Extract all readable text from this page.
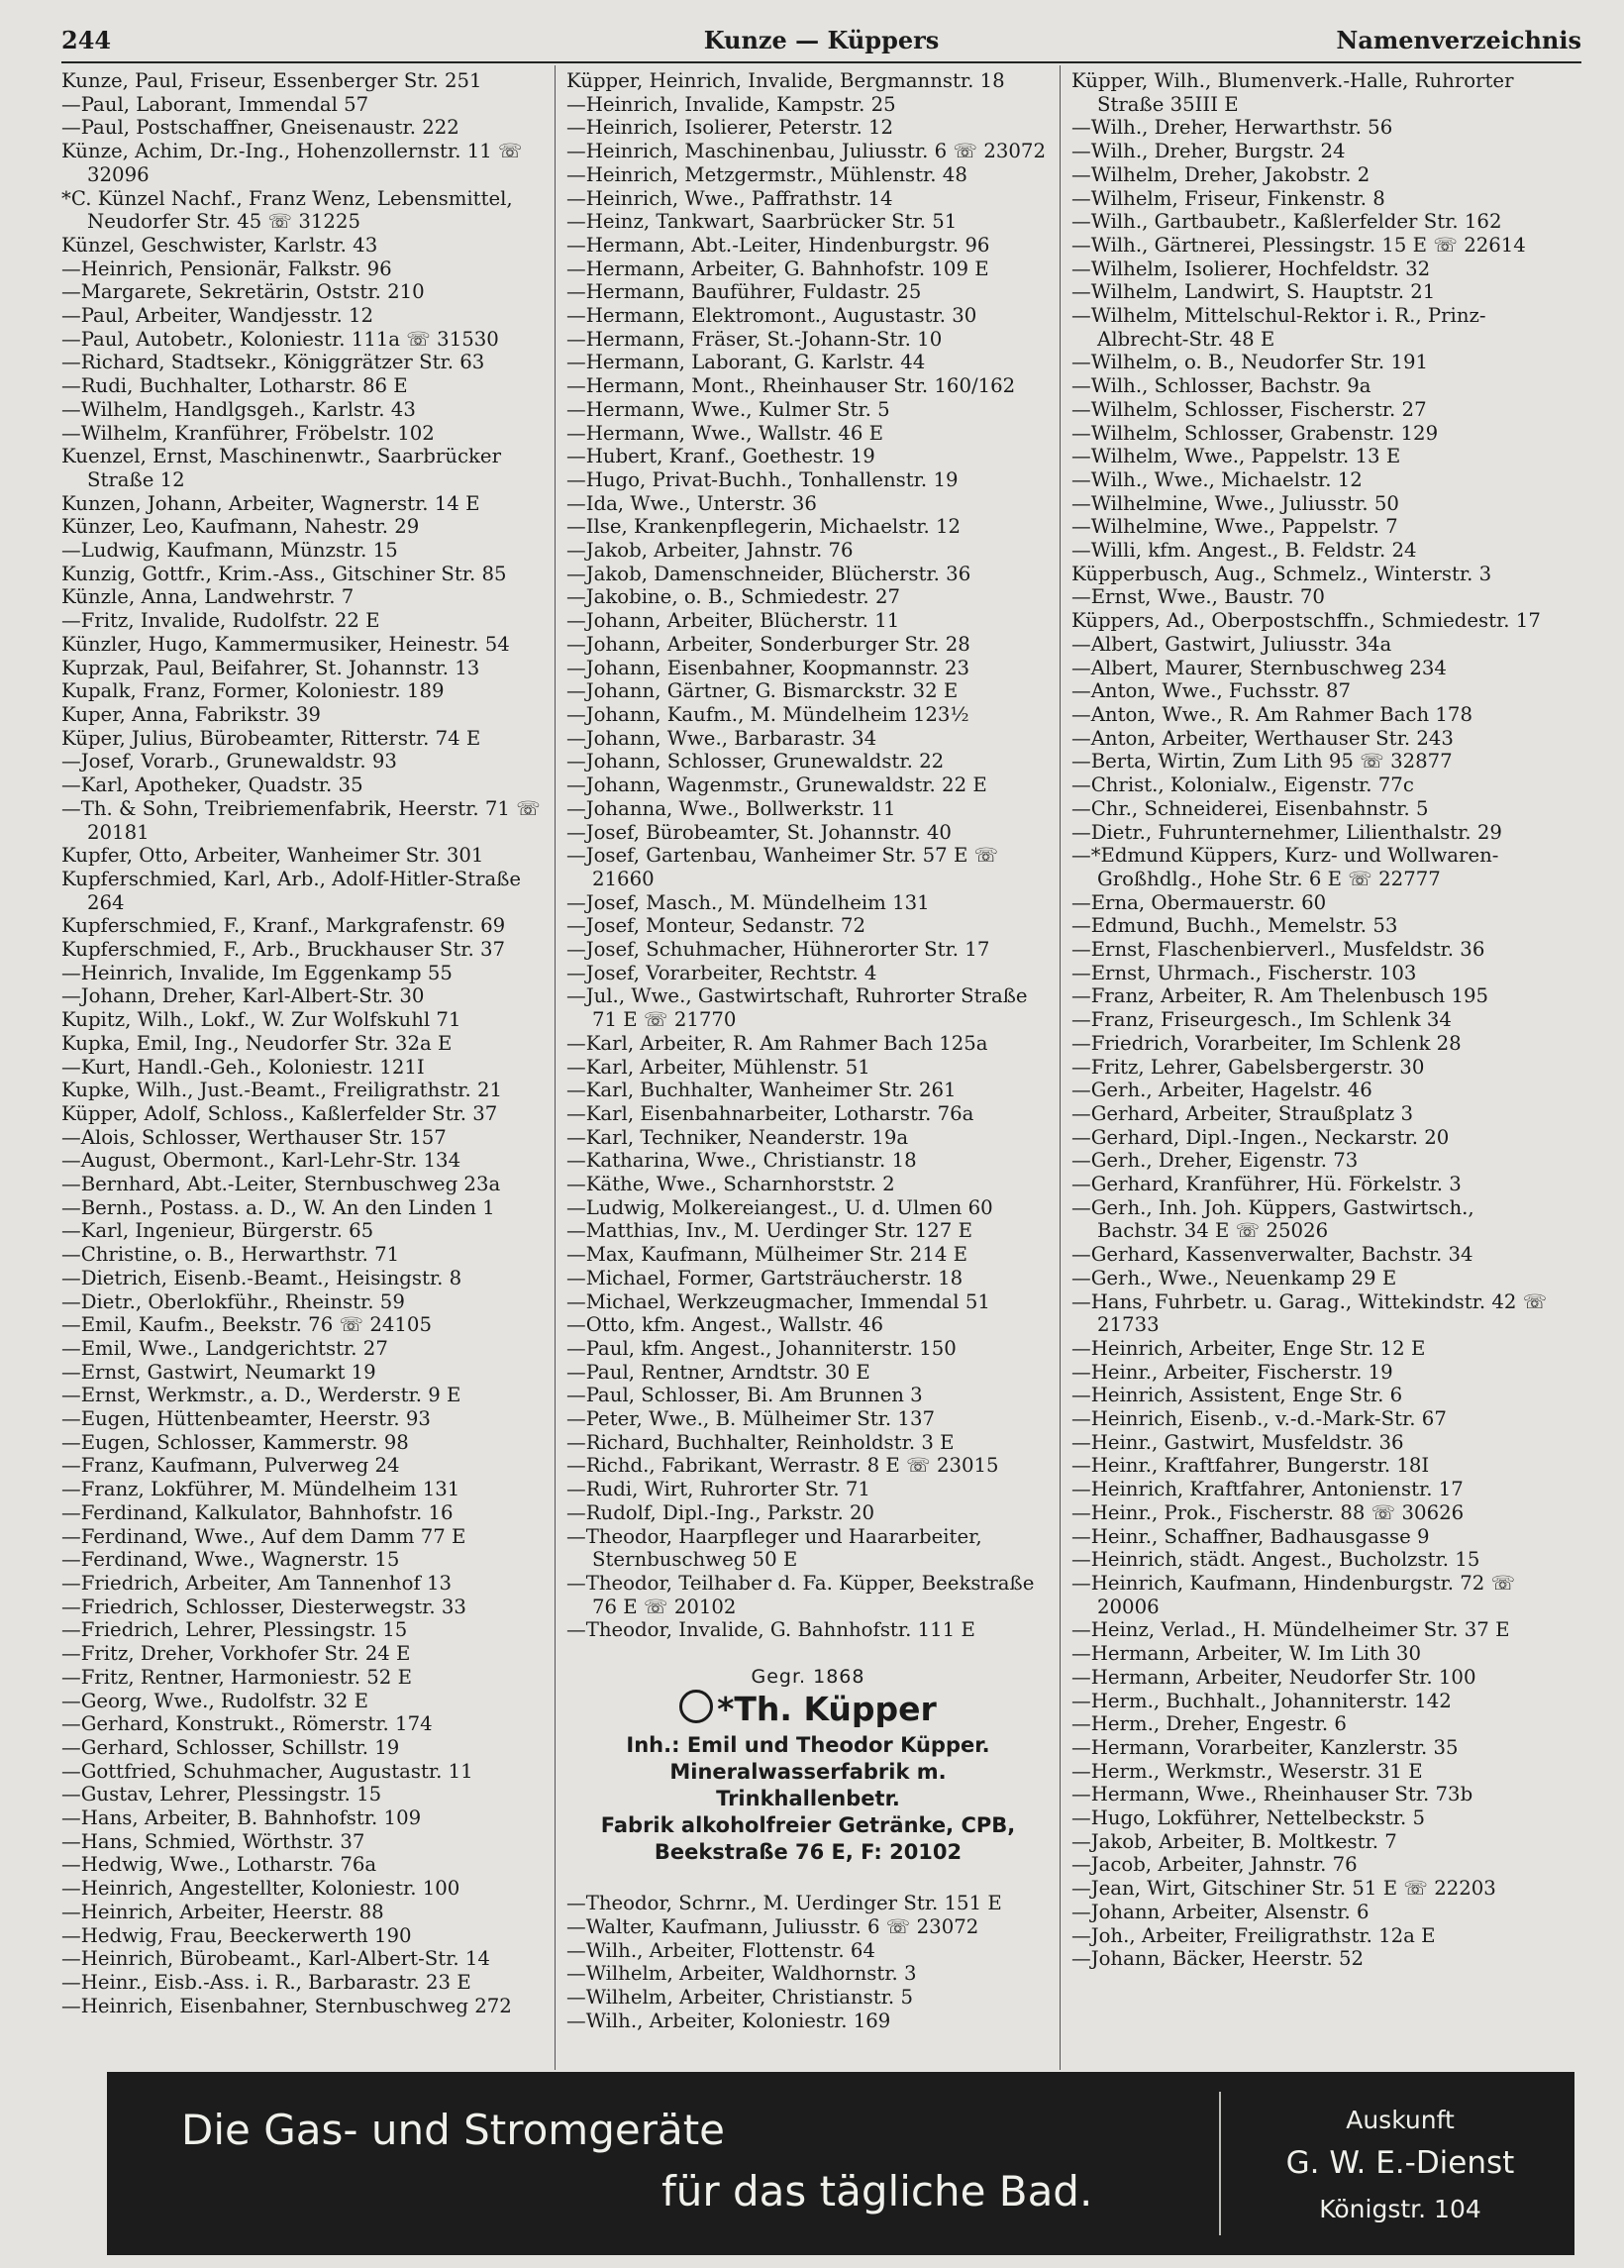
244	Kunze — Küppers	Namenverzeichnis

Kunze, Paul, Friseur, Essenberger Str. 251

—Paul, Laborant, Immendal 57

—Paul, Postschaffner, Gneisenaustr. 222

Künze, Achim, Dr.-Ing., Hohenzollernstr. 11 ☏ 32096

*C. Künzel Nachf., Franz Wenz, Lebensmittel, Neudorfer Str. 45 ☏ 31225

Künzel, Geschwister, Karlstr. 43

—Heinrich, Pensionär, Falkstr. 96

—Margarete, Sekretärin, Oststr. 210

—Paul, Arbeiter, Wandjesstr. 12

—Paul, Autobetr., Koloniestr. 111a ☏ 31530

—Richard, Stadtsekr., Königgrätzer Str. 63

—Rudi, Buchhalter, Lotharstr. 86 E

—Wilhelm, Handlgsgeh., Karlstr. 43

—Wilhelm, Kranführer, Fröbelstr. 102

Kuenzel, Ernst, Maschinenwtr., Saarbrücker Straße 12

Kunzen, Johann, Arbeiter, Wagnerstr. 14 E

Künzer, Leo, Kaufmann, Nahestr. 29

—Ludwig, Kaufmann, Münzstr. 15

Kunzig, Gottfr., Krim.-Ass., Gitschiner Str. 85

Künzle, Anna, Landwehrstr. 7

—Fritz, Invalide, Rudolfstr. 22 E

Künzler, Hugo, Kammermusiker, Heinestr. 54

Kuprzak, Paul, Beifahrer, St. Johannstr. 13

Kupalk, Franz, Former, Koloniestr. 189

Kuper, Anna, Fabrikstr. 39

Küper, Julius, Bürobeamter, Ritterstr. 74 E

—Josef, Vorarb., Grunewaldstr. 93

—Karl, Apotheker, Quadstr. 35

—Th. & Sohn, Treibriemenfabrik, Heerstr. 71 ☏ 20181

Kupfer, Otto, Arbeiter, Wanheimer Str. 301

Kupferschmied, Karl, Arb., Adolf-Hitler-Straße 264

Kupferschmied, F., Kranf., Markgrafenstr. 69

Kupferschmied, F., Arb., Bruckhauser Str. 37

—Heinrich, Invalide, Im Eggenkamp 55

—Johann, Dreher, Karl-Albert-Str. 30

Kupitz, Wilh., Lokf., W. Zur Wolfskuhl 71

Kupka, Emil, Ing., Neudorfer Str. 32a E

—Kurt, Handl.-Geh., Koloniestr. 121I

Kupke, Wilh., Just.-Beamt., Freiligrathstr. 21

Küpper, Adolf, Schloss., Kaßlerfelder Str. 37

—Alois, Schlosser, Werthauser Str. 157

—August, Obermont., Karl-Lehr-Str. 134

—Bernhard, Abt.-Leiter, Sternbuschweg 23a

—Bernh., Postass. a. D., W. An den Linden 1

—Karl, Ingenieur, Bürgerstr. 65

—Christine, o. B., Herwarthstr. 71

—Dietrich, Eisenb.-Beamt., Heisingstr. 8

—Dietr., Oberlokführ., Rheinstr. 59

—Emil, Kaufm., Beekstr. 76 ☏ 24105

—Emil, Wwe., Landgerichtstr. 27

—Ernst, Gastwirt, Neumarkt 19

—Ernst, Werkmstr., a. D., Werderstr. 9 E

—Eugen, Hüttenbeamter, Heerstr. 93

—Eugen, Schlosser, Kammerstr. 98

—Franz, Kaufmann, Pulverweg 24

—Franz, Lokführer, M. Mündelheim 131

—Ferdinand, Kalkulator, Bahnhofstr. 16

—Ferdinand, Wwe., Auf dem Damm 77 E

—Ferdinand, Wwe., Wagnerstr. 15

—Friedrich, Arbeiter, Am Tannenhof 13

—Friedrich, Schlosser, Diesterwegstr. 33

—Friedrich, Lehrer, Plessingstr. 15

—Fritz, Dreher, Vorkhofer Str. 24 E

—Fritz, Rentner, Harmoniestr. 52 E

—Georg, Wwe., Rudolfstr. 32 E

—Gerhard, Konstrukt., Römerstr. 174

—Gerhard, Schlosser, Schillstr. 19

—Gottfried, Schuhmacher, Augustastr. 11

—Gustav, Lehrer, Plessingstr. 15

—Hans, Arbeiter, B. Bahnhofstr. 109

—Hans, Schmied, Wörthstr. 37

—Hedwig, Wwe., Lotharstr. 76a

—Heinrich, Angestellter, Koloniestr. 100

—Heinrich, Arbeiter, Heerstr. 88

—Hedwig, Frau, Beeckerwerth 190

—Heinrich, Bürobeamt., Karl-Albert-Str. 14

—Heinr., Eisb.-Ass. i. R., Barbarastr. 23 E

—Heinrich, Eisenbahner, Sternbuschweg 272

Küpper, Heinrich, Invalide, Bergmannstr. 18

—Heinrich, Invalide, Kampstr. 25

—Heinrich, Isolierer, Peterstr. 12

—Heinrich, Maschinenbau, Juliusstr. 6 ☏ 23072

—Heinrich, Metzgermstr., Mühlenstr. 48

—Heinrich, Wwe., Paffrathstr. 14

—Heinz, Tankwart, Saarbrücker Str. 51

—Hermann, Abt.-Leiter, Hindenburgstr. 96

—Hermann, Arbeiter, G. Bahnhofstr. 109 E

—Hermann, Bauführer, Fuldastr. 25

—Hermann, Elektromont., Augustastr. 30

—Hermann, Fräser, St.-Johann-Str. 10

—Hermann, Laborant, G. Karlstr. 44

—Hermann, Mont., Rheinhauser Str. 160/162

—Hermann, Wwe., Kulmer Str. 5

—Hermann, Wwe., Wallstr. 46 E

—Hubert, Kranf., Goethestr. 19

—Hugo, Privat-Buchh., Tonhallenstr. 19

—Ida, Wwe., Unterstr. 36

—Ilse, Krankenpflegerin, Michaelstr. 12

—Jakob, Arbeiter, Jahnstr. 76

—Jakob, Damenschneider, Blücherstr. 36

—Jakobine, o. B., Schmiedestr. 27

—Johann, Arbeiter, Blücherstr. 11

—Johann, Arbeiter, Sonderburger Str. 28

—Johann, Eisenbahner, Koopmannstr. 23

—Johann, Gärtner, G. Bismarckstr. 32 E

—Johann, Kaufm., M. Mündelheim 123½

—Johann, Wwe., Barbarastr. 34

—Johann, Schlosser, Grunewaldstr. 22

—Johann, Wagenmstr., Grunewaldstr. 22 E

—Johanna, Wwe., Bollwerkstr. 11

—Josef, Bürobeamter, St. Johannstr. 40

—Josef, Gartenbau, Wanheimer Str. 57 E ☏ 21660

—Josef, Masch., M. Mündelheim 131

—Josef, Monteur, Sedanstr. 72

—Josef, Schuhmacher, Hühnerorter Str. 17

—Josef, Vorarbeiter, Rechtstr. 4

—Jul., Wwe., Gastwirtschaft, Ruhrorter Straße 71 E ☏ 21770

—Karl, Arbeiter, R. Am Rahmer Bach 125a

—Karl, Arbeiter, Mühlenstr. 51

—Karl, Buchhalter, Wanheimer Str. 261

—Karl, Eisenbahnarbeiter, Lotharstr. 76a

—Karl, Techniker, Neanderstr. 19a

—Katharina, Wwe., Christianstr. 18

—Käthe, Wwe., Scharnhorststr. 2

—Ludwig, Molkereiangest., U. d. Ulmen 60

—Matthias, Inv., M. Uerdinger Str. 127 E

—Max, Kaufmann, Mülheimer Str. 214 E

—Michael, Former, Gartsträucherstr. 18

—Michael, Werkzeugmacher, Immendal 51

—Otto, kfm. Angest., Wallstr. 46

—Paul, kfm. Angest., Johanniterstr. 150

—Paul, Rentner, Arndtstr. 30 E

—Paul, Schlosser, Bi. Am Brunnen 3

—Peter, Wwe., B. Mülheimer Str. 137

—Richard, Buchhalter, Reinholdstr. 3 E

—Richd., Fabrikant, Werrastr. 8 E ☏ 23015

—Rudi, Wirt, Ruhrorter Str. 71

—Rudolf, Dipl.-Ing., Parkstr. 20

—Theodor, Haarpfleger und Haararbeiter, Sternbuschweg 50 E

—Theodor, Teilhaber d. Fa. Küpper, Beekstraße 76 E ☏ 20102

—Theodor, Invalide, G. Bahnhofstr. 111 E

Gegr. 1868
*Th. Küpper
Inh.: Emil und Theodor Küpper.
Mineralwasserfabrik m. Trinkhallenbetr.
Fabrik alkoholfreier Getränke, CPB,
Beekstraße 76 E, F: 20102

—Theodor, Schrnr., M. Uerdinger Str. 151 E

—Walter, Kaufmann, Juliusstr. 6 ☏ 23072

—Wilh., Arbeiter, Flottenstr. 64

—Wilhelm, Arbeiter, Waldhornstr. 3

—Wilhelm, Arbeiter, Christianstr. 5

—Wilh., Arbeiter, Koloniestr. 169

Küpper, Wilh., Blumenverk.-Halle, Ruhrorter Straße 35III E

—Wilh., Dreher, Herwarthstr. 56

—Wilh., Dreher, Burgstr. 24

—Wilhelm, Dreher, Jakobstr. 2

—Wilhelm, Friseur, Finkenstr. 8

—Wilh., Gartbaubetr., Kaßlerfelder Str. 162

—Wilh., Gärtnerei, Plessingstr. 15 E ☏ 22614

—Wilhelm, Isolierer, Hochfeldstr. 32

—Wilhelm, Landwirt, S. Hauptstr. 21

—Wilhelm, Mittelschul-Rektor i. R., Prinz-Albrecht-Str. 48 E

—Wilhelm, o. B., Neudorfer Str. 191

—Wilh., Schlosser, Bachstr. 9a

—Wilhelm, Schlosser, Fischerstr. 27

—Wilhelm, Schlosser, Grabenstr. 129

—Wilhelm, Wwe., Pappelstr. 13 E

—Wilh., Wwe., Michaelstr. 12

—Wilhelmine, Wwe., Juliusstr. 50

—Wilhelmine, Wwe., Pappelstr. 7

—Willi, kfm. Angest., B. Feldstr. 24

Küpperbusch, Aug., Schmelz., Winterstr. 3

—Ernst, Wwe., Baustr. 70

Küppers, Ad., Oberpostschffn., Schmiedestr. 17

—Albert, Gastwirt, Juliusstr. 34a

—Albert, Maurer, Sternbuschweg 234

—Anton, Wwe., Fuchsstr. 87

—Anton, Wwe., R. Am Rahmer Bach 178

—Anton, Arbeiter, Werthauser Str. 243

—Berta, Wirtin, Zum Lith 95 ☏ 32877

—Christ., Kolonialw., Eigenstr. 77c

—Chr., Schneiderei, Eisenbahnstr. 5

—Dietr., Fuhrunternehmer, Lilienthalstr. 29

—*Edmund Küppers, Kurz- und Wollwaren-Großhdlg., Hohe Str. 6 E ☏ 22777

—Erna, Obermauerstr. 60

—Edmund, Buchh., Memelstr. 53

—Ernst, Flaschenbierverl., Musfeldstr. 36

—Ernst, Uhrmach., Fischerstr. 103

—Franz, Arbeiter, R. Am Thelenbusch 195

—Franz, Friseurgesch., Im Schlenk 34

—Friedrich, Vorarbeiter, Im Schlenk 28

—Fritz, Lehrer, Gabelsbergerstr. 30

—Gerh., Arbeiter, Hagelstr. 46

—Gerhard, Arbeiter, Straußplatz 3

—Gerhard, Dipl.-Ingen., Neckarstr. 20

—Gerh., Dreher, Eigenstr. 73

—Gerhard, Kranführer, Hü. Förkelstr. 3

—Gerh., Inh. Joh. Küppers, Gastwirtsch., Bachstr. 34 E ☏ 25026

—Gerhard, Kassenverwalter, Bachstr. 34

—Gerh., Wwe., Neuenkamp 29 E

—Hans, Fuhrbetr. u. Garag., Wittekindstr. 42 ☏ 21733

—Heinrich, Arbeiter, Enge Str. 12 E

—Heinr., Arbeiter, Fischerstr. 19

—Heinrich, Assistent, Enge Str. 6

—Heinrich, Eisenb., v.-d.-Mark-Str. 67

—Heinr., Gastwirt, Musfeldstr. 36

—Heinr., Kraftfahrer, Bungerstr. 18I

—Heinrich, Kraftfahrer, Antonienstr. 17

—Heinr., Prok., Fischerstr. 88 ☏ 30626

—Heinr., Schaffner, Badhausgasse 9

—Heinrich, städt. Angest., Bucholzstr. 15

—Heinrich, Kaufmann, Hindenburgstr. 72 ☏ 20006

—Heinz, Verlad., H. Mündelheimer Str. 37 E

—Hermann, Arbeiter, W. Im Lith 30

—Hermann, Arbeiter, Neudorfer Str. 100

—Herm., Buchhalt., Johanniterstr. 142

—Herm., Dreher, Engestr. 6

—Hermann, Vorarbeiter, Kanzlerstr. 35

—Herm., Werkmstr., Weserstr. 31 E

—Hermann, Wwe., Rheinhauser Str. 73b

—Hugo, Lokführer, Nettelbeckstr. 5

—Jakob, Arbeiter, B. Moltkestr. 7

—Jacob, Arbeiter, Jahnstr. 76

—Jean, Wirt, Gitschiner Str. 51 E ☏ 22203

—Johann, Arbeiter, Alsenstr. 6

—Joh., Arbeiter, Freiligrathstr. 12a E

—Johann, Bäcker, Heerstr. 52

Die Gas- und Stromgeräte
für das tägliche Bad.
Auskunft
G. W. E.-Dienst
Königstr. 104
